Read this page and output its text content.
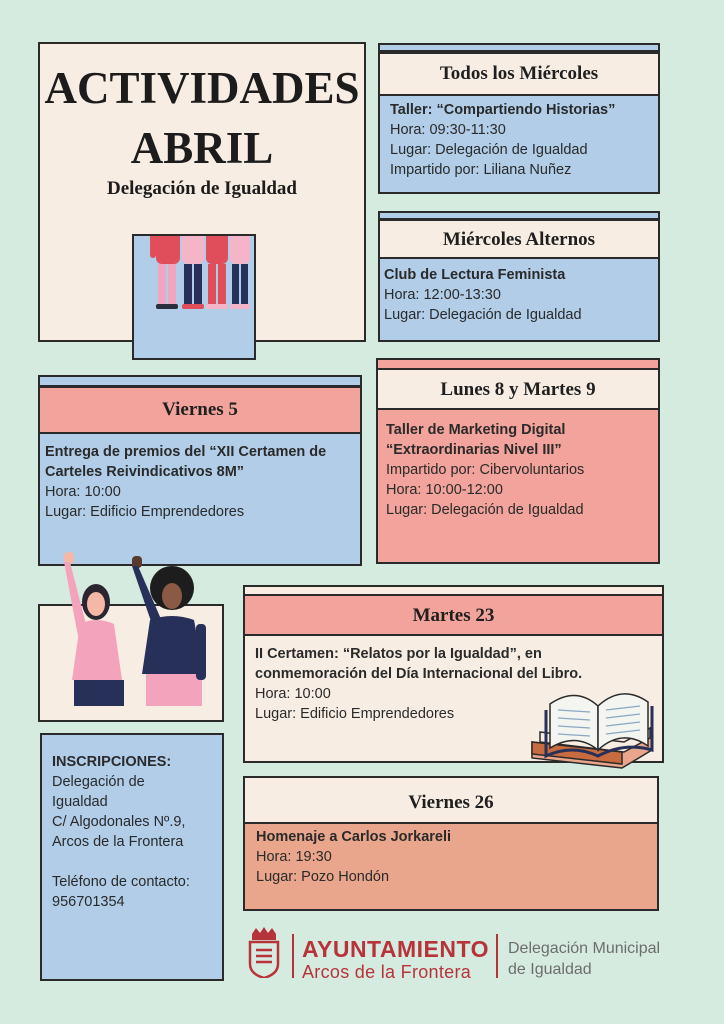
ACTIVIDADES
ABRIL
Delegación de Igualdad
Todos los Miércoles
Taller: “Compartiendo Historias”
Hora: 09:30-11:30
Lugar: Delegación de Igualdad
Impartido por: Liliana Nuñez
Miércoles Alternos
Club de Lectura Feminista
Hora: 12:00-13:30
Lugar: Delegación de Igualdad
Viernes 5
Entrega de premios del “XII Certamen de
Carteles Reivindicativos 8M”
Hora: 10:00
Lugar: Edificio Emprendedores
Lunes 8 y Martes 9
Taller de Marketing Digital
“Extraordinarias Nivel III”
Impartido por: Cibervoluntarios
Hora: 10:00-12:00
Lugar: Delegación de Igualdad
Martes 23
II Certamen: “Relatos por la Igualdad”, en
conmemoración del Día Internacional del Libro.
Hora: 10:00
Lugar: Edificio Emprendedores
Viernes 26
Homenaje a Carlos Jorkareli
Hora: 19:30
Lugar: Pozo Hondón
INSCRIPCIONES:
Delegación de
Igualdad
C/ Algodonales Nº.9,
Arcos de la Frontera

Teléfono de contacto:
956701354
AYUNTAMIENTO
Arcos de la Frontera
Delegación Municipal
de Igualdad
